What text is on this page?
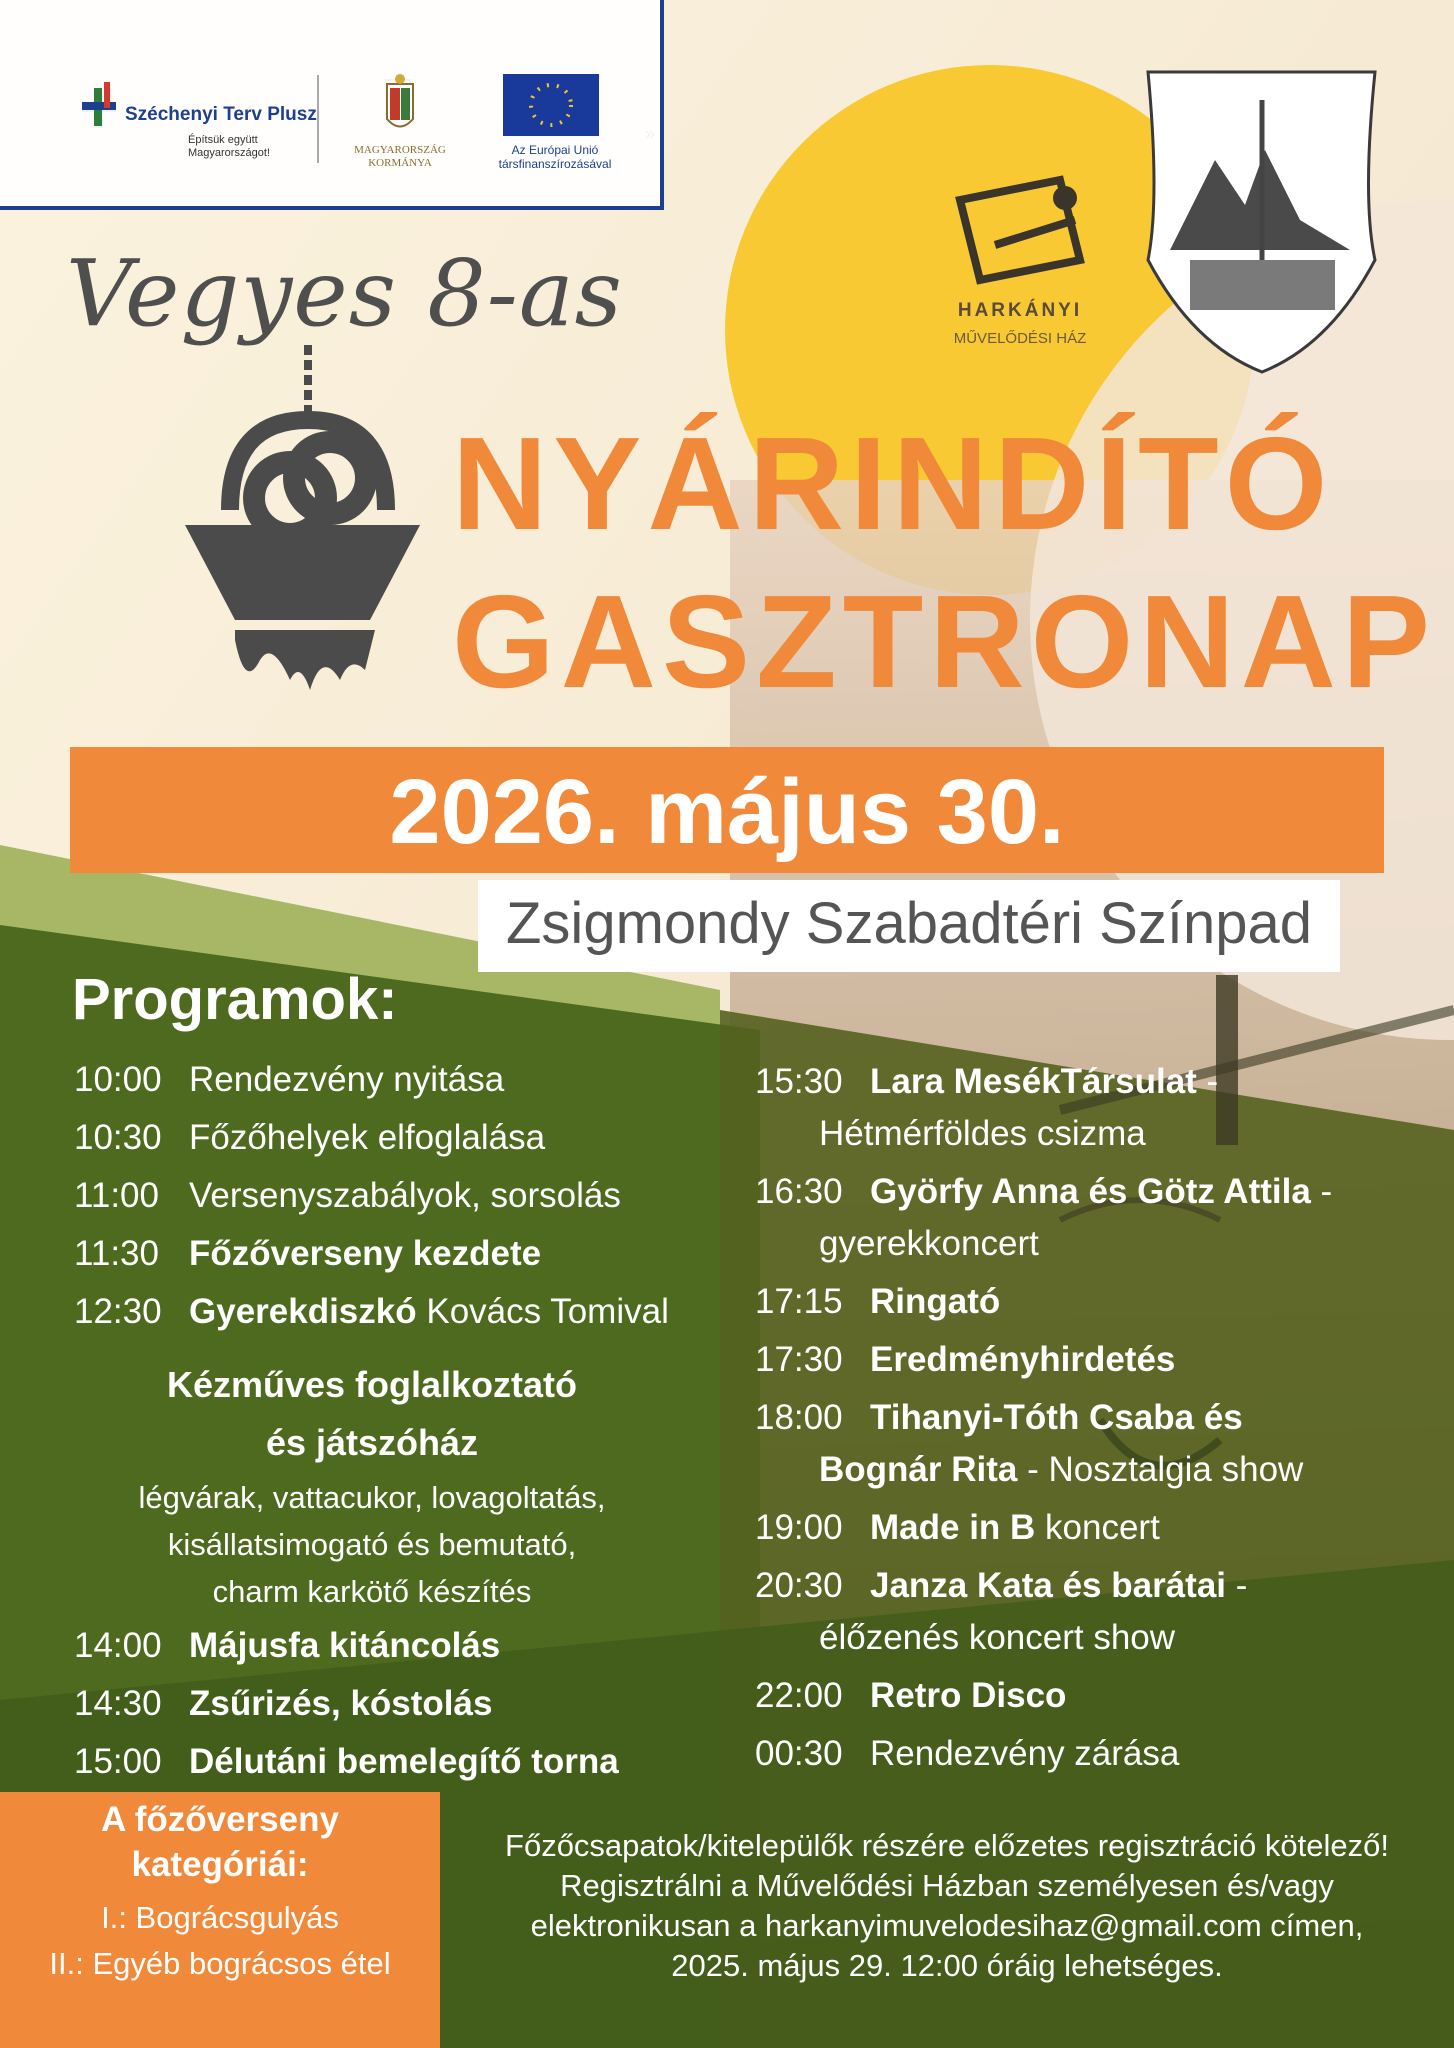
Széchenyi Terv Plusz
Építsük együtt Magyarországot!	MAGYARORSZÁG KORMÁNYA
Az Európai Unió
társfinanszírozásával
HARKÁNYI
MŰVELŐDÉSI HÁZ
Vegyes 8-as
NYÁRINDÍTÓ
GASZTRONAP
2026. május 30.
Zsigmondy Szabadtéri Színpad
Programok:
Kézműves foglalkoztató
és játszóház
légvárak, vattacukor, lovagoltatás,
kisállatsimogató és bemutató,
charm karkötő készítés
A főzőverseny
kategóriái:
I.: Bográcsgulyás
II.: Egyéb bográcsos étel
Főzőcsapatok/kitelepülők részére előzetes regisztráció kötelező!
Regisztrálni a Művelődési Házban személyesen és/vagy
elektronikusan a harkanyimuvelodesihaz@gmail.com címen,
2025. május 29. 12:00 óráig lehetséges.
10:00 Rendezvény nyitása
10:30 Főzőhelyek elfoglalása
11:00 Versenyszabályok, sorsolás
11:30 Főzőverseny kezdete
12:30 Gyerekdiszkó Kovács Tomival
14:00 Májusfa kitáncolás
14:30 Zsűrizés, kóstolás
15:00 Délutáni bemelegítő torna
15:30 Lara MesékTársulat -
Hétmérföldes csizma
16:30 Györfy Anna és Götz Attila -
gyerekkoncert
17:15 Ringató
17:30 Eredményhirdetés
18:00 Tihanyi-Tóth Csaba és
Bognár Rita - Nosztalgia show
19:00 Made in B koncert
20:30 Janza Kata és barátai -
élőzenés koncert show
22:00 Retro Disco
00:30 Rendezvény zárása
